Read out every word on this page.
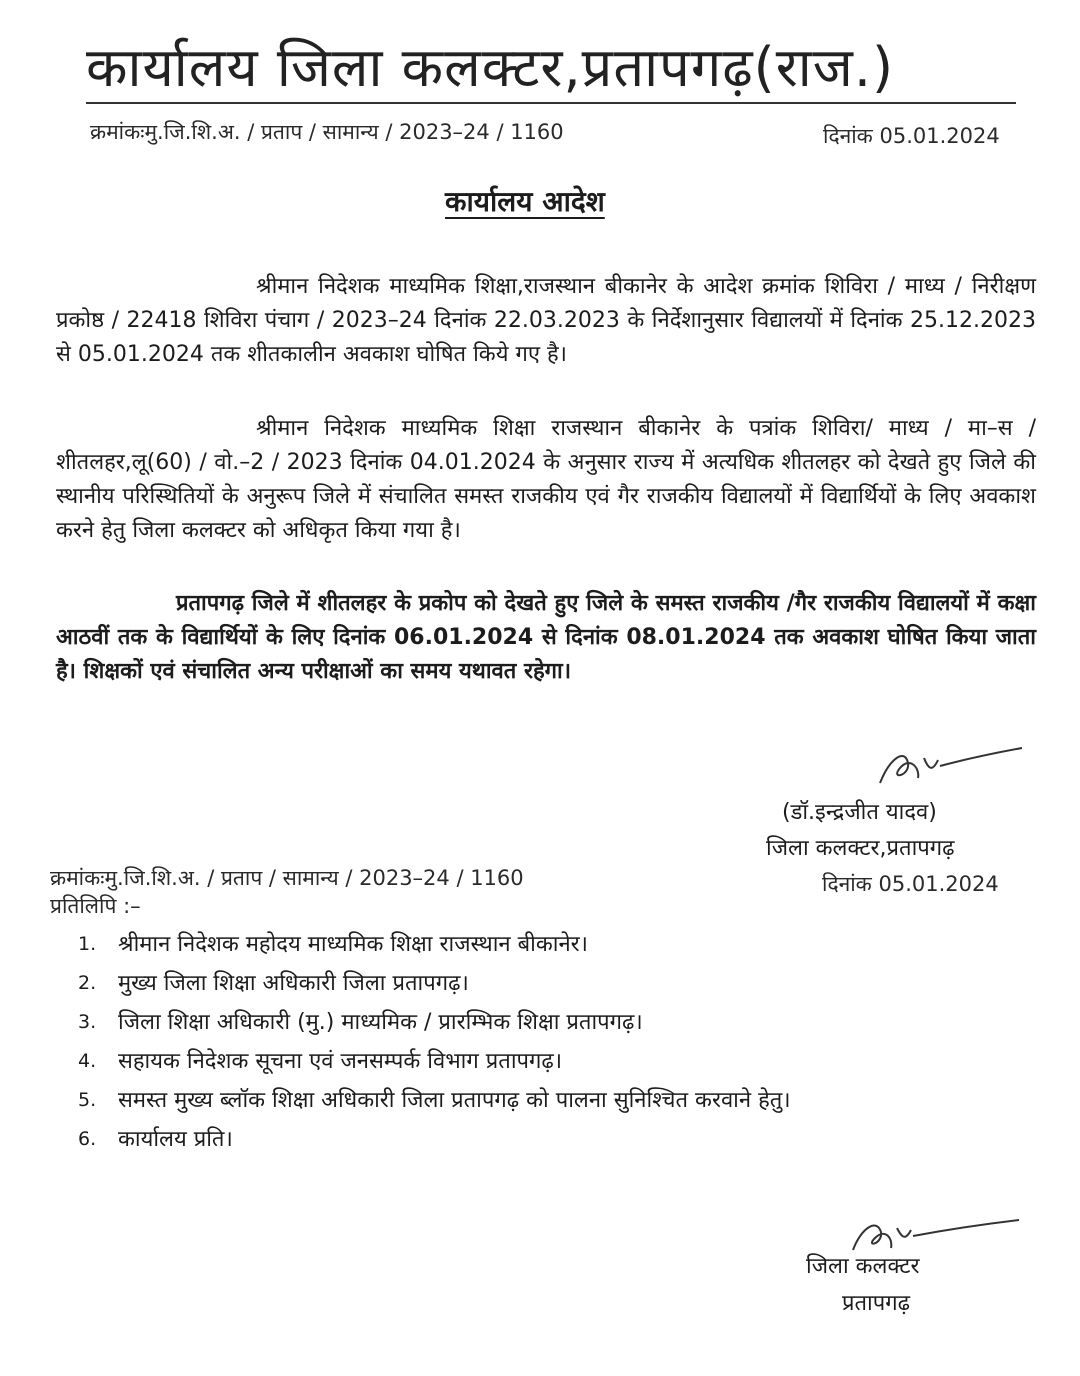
कार्यालय जिला कलक्टर,प्रतापगढ़(राज.)
क्रमांकःमु.जि.शि.अ. / प्रताप / सामान्य / 2023–24 / 1160	दिनांक 05.01.2024
कार्यालय आदेश
श्रीमान निदेशक माध्यमिक शिक्षा,राजस्थान बीकानेर के आदेश क्रमांक शिविरा / माध्य / निरीक्षण प्रकोष्ठ / 22418 शिविरा पंचाग / 2023–24 दिनांक 22.03.2023 के निर्देशानुसार विद्यालयों में दिनांक 25.12.2023 से 05.01.2024 तक शीतकालीन अवकाश घोषित किये गए है।
श्रीमान निदेशक माध्यमिक शिक्षा राजस्थान बीकानेर के पत्रांक शिविरा/ माध्य / मा–स / शीतलहर,लू(60) / वो.–2 / 2023 दिनांक 04.01.2024 के अनुसार राज्य में अत्यधिक शीतलहर को देखते हुए जिले की स्थानीय परिस्थितियों के अनुरूप जिले में संचालित समस्त राजकीय एवं गैर राजकीय विद्यालयों में विद्यार्थियों के लिए अवकाश करने हेतु जिला कलक्टर को अधिकृत किया गया है।
प्रतापगढ़ जिले में शीतलहर के प्रकोप को देखते हुए जिले के समस्त राजकीय /गैर राजकीय विद्यालयों में कक्षा आठवीं तक के विद्यार्थियों के लिए दिनांक 06.01.2024 से दिनांक 08.01.2024 तक अवकाश घोषित किया जाता है। शिक्षकों एवं संचालित अन्य परीक्षाओं का समय यथावत रहेगा।
(डॉ.इन्द्रजीत यादव)
जिला कलक्टर,प्रतापगढ़
दिनांक 05.01.2024
क्रमांकःमु.जि.शि.अ. / प्रताप / सामान्य / 2023–24 / 1160
प्रतिलिपि :–
1. श्रीमान निदेशक महोदय माध्यमिक शिक्षा राजस्थान बीकानेर।
2. मुख्य जिला शिक्षा अधिकारी जिला प्रतापगढ़।
3. जिला शिक्षा अधिकारी (मु.) माध्यमिक / प्रारम्भिक शिक्षा प्रतापगढ़।
4. सहायक निदेशक सूचना एवं जनसम्पर्क विभाग प्रतापगढ़।
5. समस्त मुख्य ब्लॉक शिक्षा अधिकारी जिला प्रतापगढ़ को पालना सुनिश्चित करवाने हेतु।
6. कार्यालय प्रति।
जिला कलक्टर
प्रतापगढ़
